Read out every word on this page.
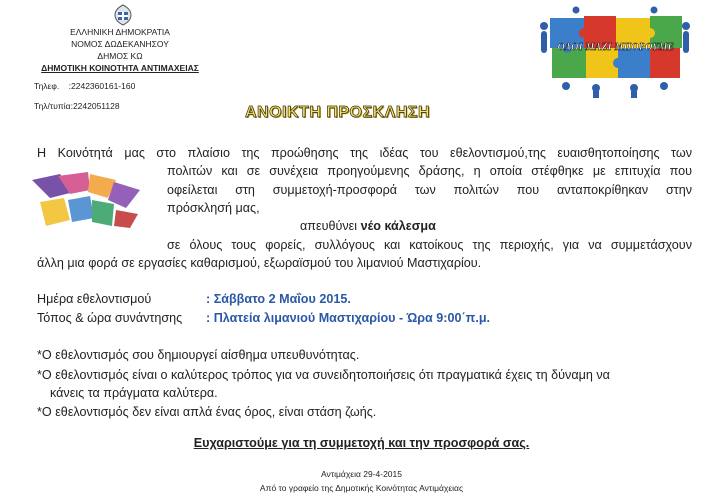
ΕΛΛΗΝΙΚΗ ΔΗΜΟΚΡΑΤΙΑ
ΝΟΜΟΣ ΔΩΔΕΚΑΝΗΣΟΥ
ΔΗΜΟΣ ΚΩ
ΔΗΜΟΤΙΚΗ ΚΟΙΝΟΤΗΤΑ ΑΝΤΙΜΑΧΕΙΑΣ
Τηλεφ.    :2242360161-160
Τηλ/τυπία:2242051128
ΟΛΟΙ ΜΑΖΙ ΜΠΟΡΟΥΜΕ
ΑΝΟΙΚΤΗ ΠΡΟΣΚΛΗΣΗ
Η Κοινότητά μας στο πλαίσιο της προώθησης της ιδέας του εθελοντισμού,της ευαισθητοποίησης των
πολιτών και σε συνέχεια προηγούμενης δράσης, η οποία στέφθηκε με επιτυχία που
οφείλεται στη συμμετοχή-προσφορά των πολιτών που ανταποκρίθηκαν στην
πρόσκλησή μας,
απευθύνει νέο κάλεσμα
σε όλους τους φορείς, συλλόγους και κατοίκους της περιοχής, για να συμμετάσχουν
άλλη μια φορά σε εργασίες καθαρισμού, εξωραϊσμού του λιμανιού Μαστιχαρίου.
Ημέρα εθελοντισμού	: Σάββατο 2 Μαΐου 2015.
Τόπος & ώρα συνάντησης : Πλατεία λιμανιού Μαστιχαρίου - Ώρα 9:00΄π.μ.
*Ο εθελοντισμός σου δημιουργεί αίσθημα υπευθυνότητας.
*Ο εθελοντισμός είναι ο καλύτερος τρόπος για να συνειδητοποιήσεις ότι πραγματικά έχεις τη δύναμη να
κάνεις τα πράγματα καλύτερα.
*Ο εθελοντισμός δεν είναι απλά ένας όρος, είναι στάση ζωής.
Ευχαριστούμε για τη συμμετοχή και την προσφορά σας.
Αντιμάχεια 29-4-2015
Από το γραφείο της Δημοτικής Κοινότητας Αντιμάχειας
